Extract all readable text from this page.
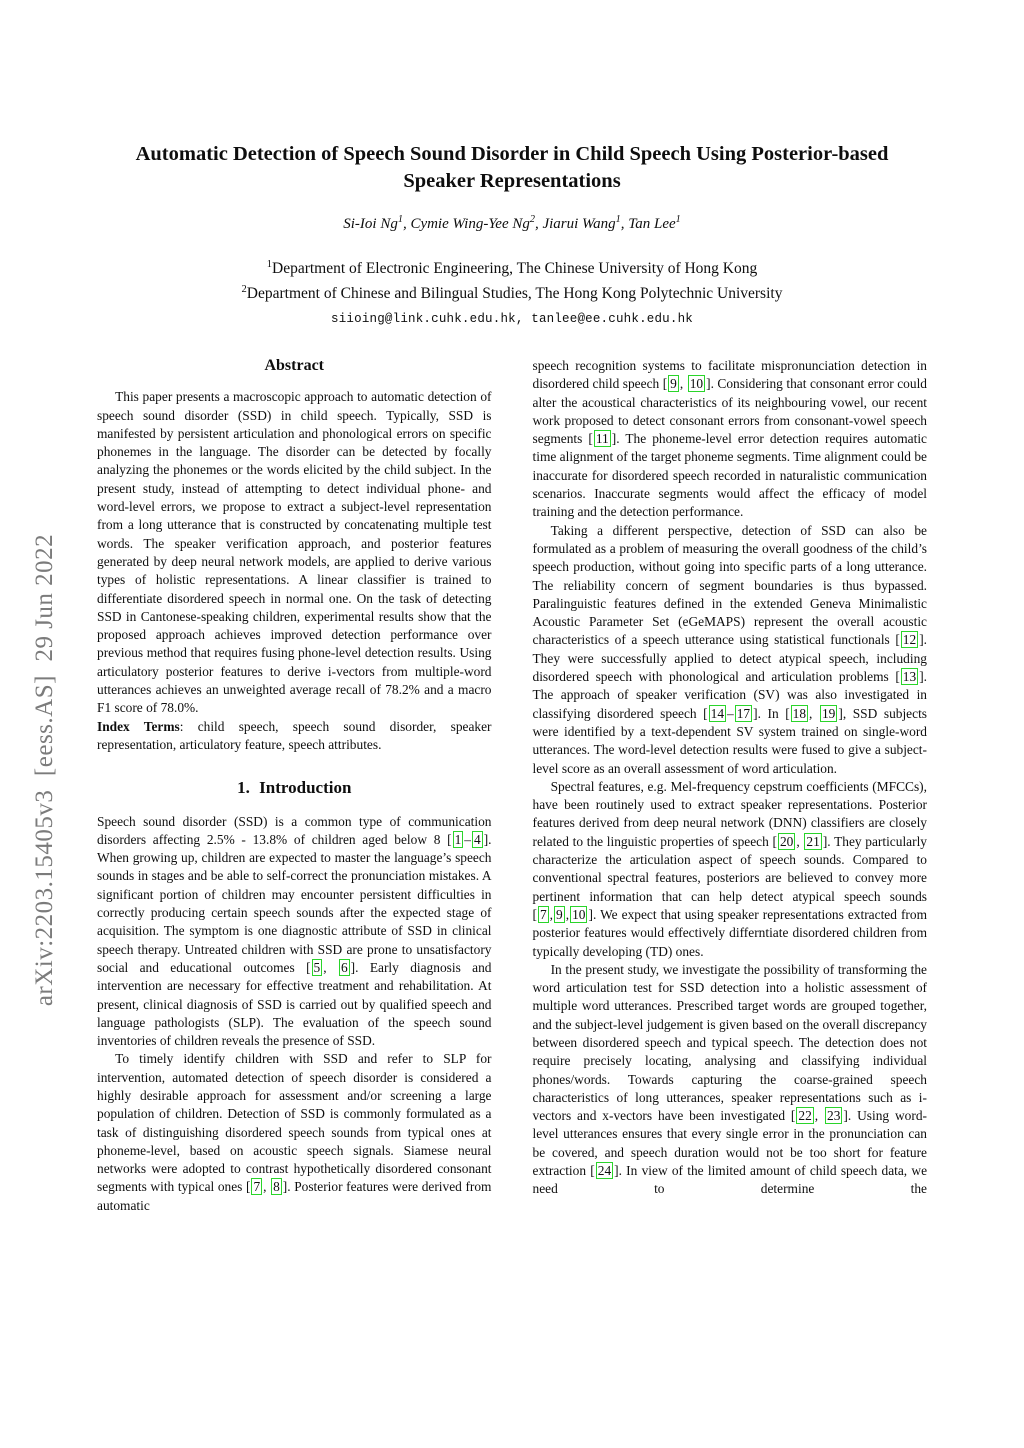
arXiv:2203.15405v3  [eess.AS]  29 Jun 2022
Automatic Detection of Speech Sound Disorder in Child Speech Using Posterior-based Speaker Representations
Si-Ioi Ng$^1$, Cymie Wing-Yee Ng$^2$, Jiarui Wang$^1$, Tan Lee$^1$
$^1$Department of Electronic Engineering, The Chinese University of Hong Kong
$^2$Department of Chinese and Bilingual Studies, The Hong Kong Polytechnic University
siioing@link.cuhk.edu.hk, tanlee@ee.cuhk.edu.hk
Abstract

This paper presents a macroscopic approach to automatic detection of speech sound disorder (SSD) in child speech. Typically, SSD is manifested by persistent articulation and phonological errors on specific phonemes in the language. The disorder can be detected by focally analyzing the phonemes or the words elicited by the child subject. In the present study, instead of attempting to detect individual phone- and word-level errors, we propose to extract a subject-level representation from a long utterance that is constructed by concatenating multiple test words. The speaker verification approach, and posterior features generated by deep neural network models, are applied to derive various types of holistic representations. A linear classifier is trained to differentiate disordered speech in normal one. On the task of detecting SSD in Cantonese-speaking children, experimental results show that the proposed approach achieves improved detection performance over previous method that requires fusing phone-level detection results. Using articulatory posterior features to derive i-vectors from multiple-word utterances achieves an unweighted average recall of 78.2% and a macro F1 score of 78.0%.

Index Terms: child speech, speech sound disorder, speaker representation, articulatory feature, speech attributes.

1. Introduction

Speech sound disorder (SSD) is a common type of communication disorders affecting 2.5% - 13.8% of children aged below 8 [ 1 – 4 ]. When growing up, children are expected to master the language’s speech sounds in stages and be able to self-correct the pronunciation mistakes. A significant portion of children may encounter persistent difficulties in correctly producing certain speech sounds after the expected stage of acquisition. The symptom is one diagnostic attribute of SSD in clinical speech therapy. Untreated children with SSD are prone to unsatisfactory social and educational outcomes [ 5 , 6 ]. Early diagnosis and intervention are necessary for effective treatment and rehabilitation. At present, clinical diagnosis of SSD is carried out by qualified speech and language pathologists (SLP). The evaluation of the speech sound inventories of children reveals the presence of SSD.

To timely identify children with SSD and refer to SLP for intervention, automated detection of speech disorder is considered a highly desirable approach for assessment and/or screening a large population of children. Detection of SSD is commonly formulated as a task of distinguishing disordered speech sounds from typical ones at phoneme-level, based on acoustic speech signals. Siamese neural networks were adopted to contrast hypothetically disordered consonant segments with typical ones [ 7 , 8 ]. Posterior features were derived from automatic

speech recognition systems to facilitate mispronunciation detection in disordered child speech [ 9 , 10 ]. Considering that consonant error could alter the acoustical characteristics of its neighbouring vowel, our recent work proposed to detect consonant errors from consonant-vowel speech segments [ 11 ]. The phoneme-level error detection requires automatic time alignment of the target phoneme segments. Time alignment could be inaccurate for disordered speech recorded in naturalistic communication scenarios. Inaccurate segments would affect the efficacy of model training and the detection performance.

Taking a different perspective, detection of SSD can also be formulated as a problem of measuring the overall goodness of the child’s speech production, without going into specific parts of a long utterance. The reliability concern of segment boundaries is thus bypassed. Paralinguistic features defined in the extended Geneva Minimalistic Acoustic Parameter Set (eGeMAPS) represent the overall acoustic characteristics of a speech utterance using statistical functionals [ 12 ]. They were successfully applied to detect atypical speech, including disordered speech with phonological and articulation problems [ 13 ]. The approach of speaker verification (SV) was also investigated in classifying disordered speech [ 14 – 17 ]. In [ 18 , 19 ], SSD subjects were identified by a text-dependent SV system trained on single-word utterances. The word-level detection results were fused to give a subject-level score as an overall assessment of word articulation.

Spectral features, e.g. Mel-frequency cepstrum coefficients (MFCCs), have been routinely used to extract speaker representations. Posterior features derived from deep neural network (DNN) classifiers are closely related to the linguistic properties of speech [ 20 , 21 ]. They particularly characterize the articulation aspect of speech sounds. Compared to conventional spectral features, posteriors are believed to convey more pertinent information that can help detect atypical speech sounds [ 7 , 9 , 10 ]. We expect that using speaker representations extracted from posterior features would effectively differntiate disordered children from typically developing (TD) ones.

In the present study, we investigate the possibility of transforming the word articulation test for SSD detection into a holistic assessment of multiple word utterances. Prescribed target words are grouped together, and the subject-level judgement is given based on the overall discrepancy between disordered speech and typical speech. The detection does not require precisely locating, analysing and classifying individual phones/words. Towards capturing the coarse-grained speech characteristics of long utterances, speaker representations such as i-vectors and x-vectors have been investigated [ 22 , 23 ]. Using word-level utterances ensures that every single error in the pronunciation can be covered, and speech duration would not be too short for feature extraction [ 24 ]. In view of the limited amount of child speech data, we need to determine the
